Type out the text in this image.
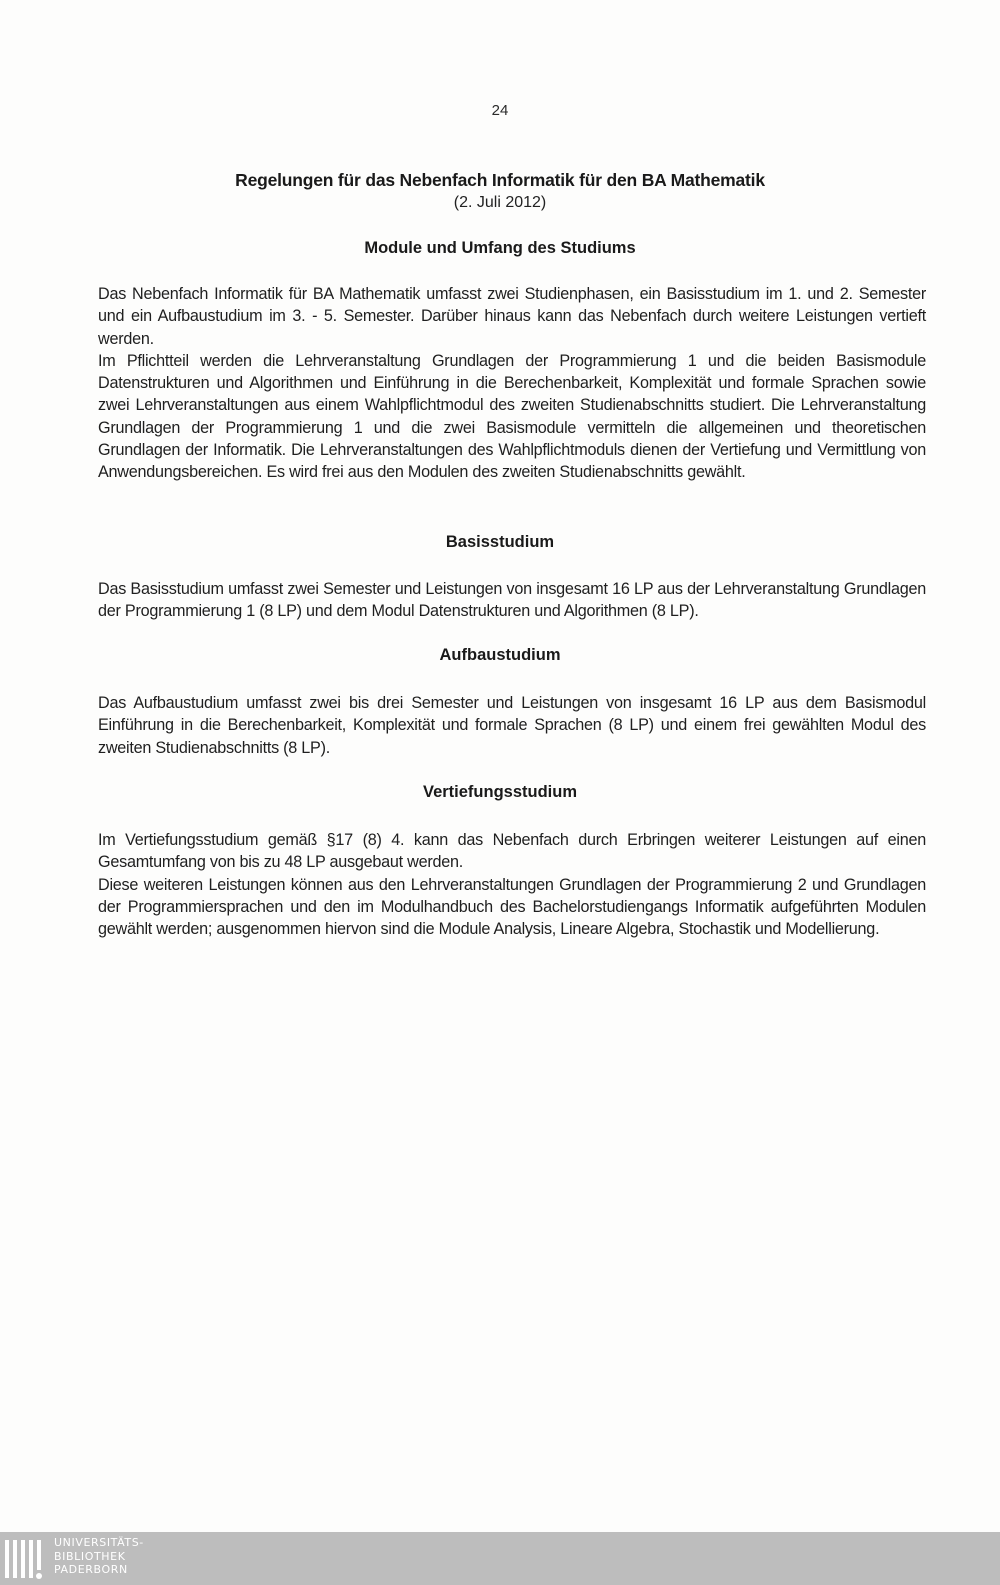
24
Regelungen für das Nebenfach Informatik für den BA Mathematik
(2. Juli 2012)
Module und Umfang des Studiums

Das Nebenfach Informatik für BA Mathematik umfasst zwei Studienphasen, ein Basisstudium im 1. und 2. Semester und ein Aufbaustudium im 3. - 5. Semester. Darüber hinaus kann das Nebenfach durch weitere Leistungen vertieft werden.

Im Pflichtteil werden die Lehrveranstaltung Grundlagen der Programmierung 1 und die beiden Basismodule Datenstrukturen und Algorithmen und Einführung in die Berechenbarkeit, Komplexität und formale Sprachen sowie zwei Lehrveranstaltungen aus einem Wahlpflichtmodul des zweiten Studienabschnitts studiert. Die Lehrveranstaltung Grundlagen der Programmierung 1 und die zwei Basismodule vermitteln die allgemeinen und theoretischen Grundlagen der Informatik. Die Lehrveranstaltungen des Wahlpflichtmoduls dienen der Vertiefung und Vermittlung von Anwendungsbereichen. Es wird frei aus den Modulen des zweiten Studienabschnitts gewählt.

Basisstudium

Das Basisstudium umfasst zwei Semester und Leistungen von insgesamt 16 LP aus der Lehrveranstaltung Grundlagen der Programmierung 1 (8 LP) und dem Modul Datenstrukturen und Algorithmen (8 LP).

Aufbaustudium

Das Aufbaustudium umfasst zwei bis drei Semester und Leistungen von insgesamt 16 LP aus dem Basismodul Einführung in die Berechenbarkeit, Komplexität und formale Sprachen (8 LP) und einem frei gewählten Modul des zweiten Studienabschnitts (8 LP).

Vertiefungsstudium

Im Vertiefungsstudium gemäß §17 (8) 4. kann das Nebenfach durch Erbringen weiterer Leistungen auf einen Gesamtumfang von bis zu 48 LP ausgebaut werden.

Diese weiteren Leistungen können aus den Lehrveranstaltungen Grundlagen der Programmierung 2 und Grundlagen der Programmiersprachen und den im Modulhandbuch des Bachelorstudiengangs Informatik aufgeführten Modulen gewählt werden; ausgenommen hiervon sind die Module Analysis, Lineare Algebra, Stochastik und Modellierung.

UNIVERSITÄTS-
BIBLIOTHEK
PADERBORN
